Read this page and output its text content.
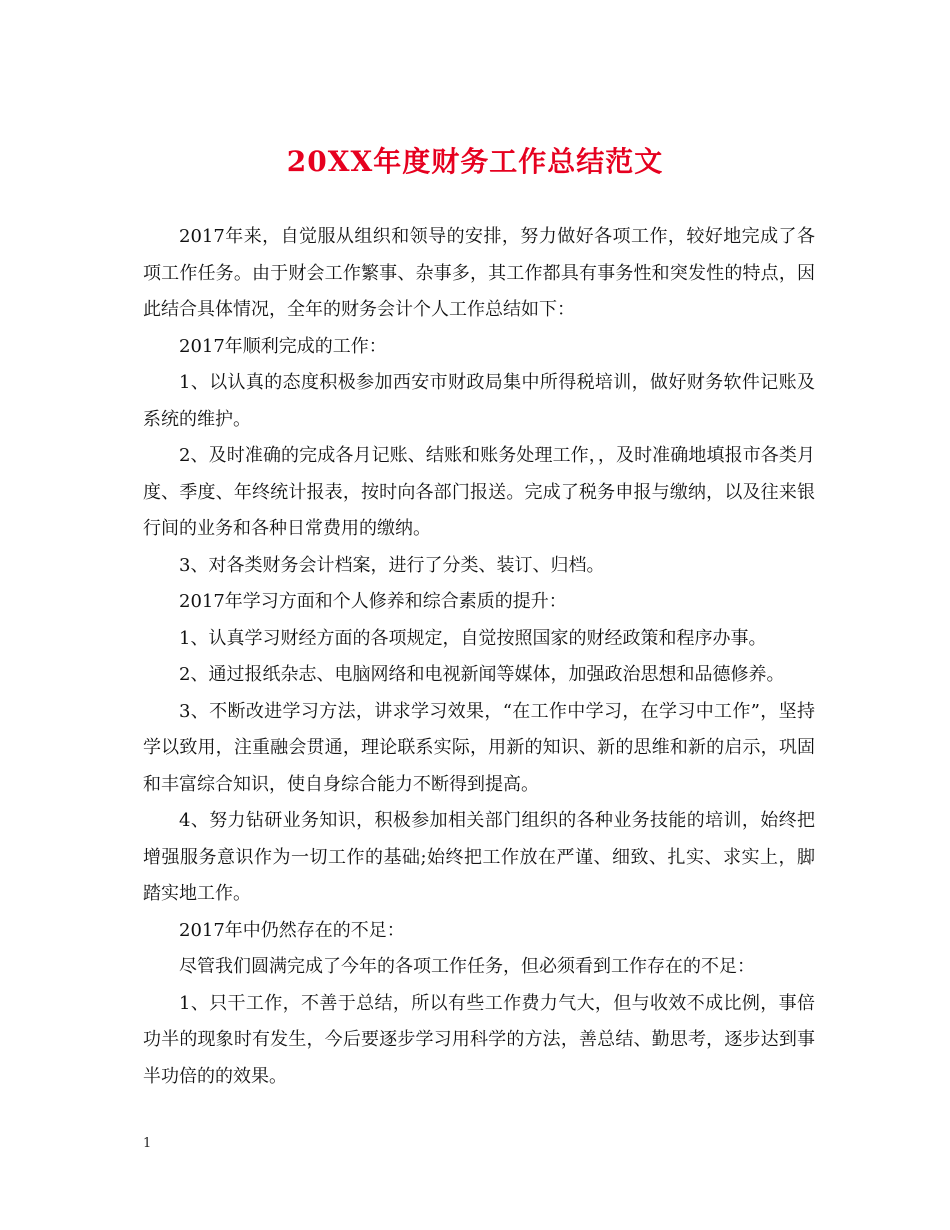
20XX年度财务工作总结范文

2017年来，自觉服从组织和领导的安排，努力做好各项工作，较好地完成了各项工作任务。由于财会工作繁事、杂事多，其工作都具有事务性和突发性的特点，因此结合具体情况，全年的财务会计个人工作总结如下：

2017年顺利完成的工作：

1、以认真的态度积极参加西安市财政局集中所得税培训，做好财务软件记账及系统的维护。

2、及时准确的完成各月记账、结账和账务处理工作，，及时准确地填报市各类月度、季度、年终统计报表，按时向各部门报送。完成了税务申报与缴纳，以及往来银行间的业务和各种日常费用的缴纳。

3、对各类财务会计档案，进行了分类、装订、归档。

2017年学习方面和个人修养和综合素质的提升：

1、认真学习财经方面的各项规定，自觉按照国家的财经政策和程序办事。

2、通过报纸杂志、电脑网络和电视新闻等媒体，加强政治思想和品德修养。

3、不断改进学习方法，讲求学习效果，“在工作中学习，在学习中工作”，坚持学以致用，注重融会贯通，理论联系实际，用新的知识、新的思维和新的启示，巩固和丰富综合知识，使自身综合能力不断得到提高。

4、努力钻研业务知识，积极参加相关部门组织的各种业务技能的培训，始终把增强服务意识作为一切工作的基础;始终把工作放在严谨、细致、扎实、求实上，脚踏实地工作。

2017年中仍然存在的不足：

尽管我们圆满完成了今年的各项工作任务，但必须看到工作存在的不足：

1、只干工作，不善于总结，所以有些工作费力气大，但与收效不成比例，事倍功半的现象时有发生，今后要逐步学习用科学的方法，善总结、勤思考，逐步达到事半功倍的的效果。

1
